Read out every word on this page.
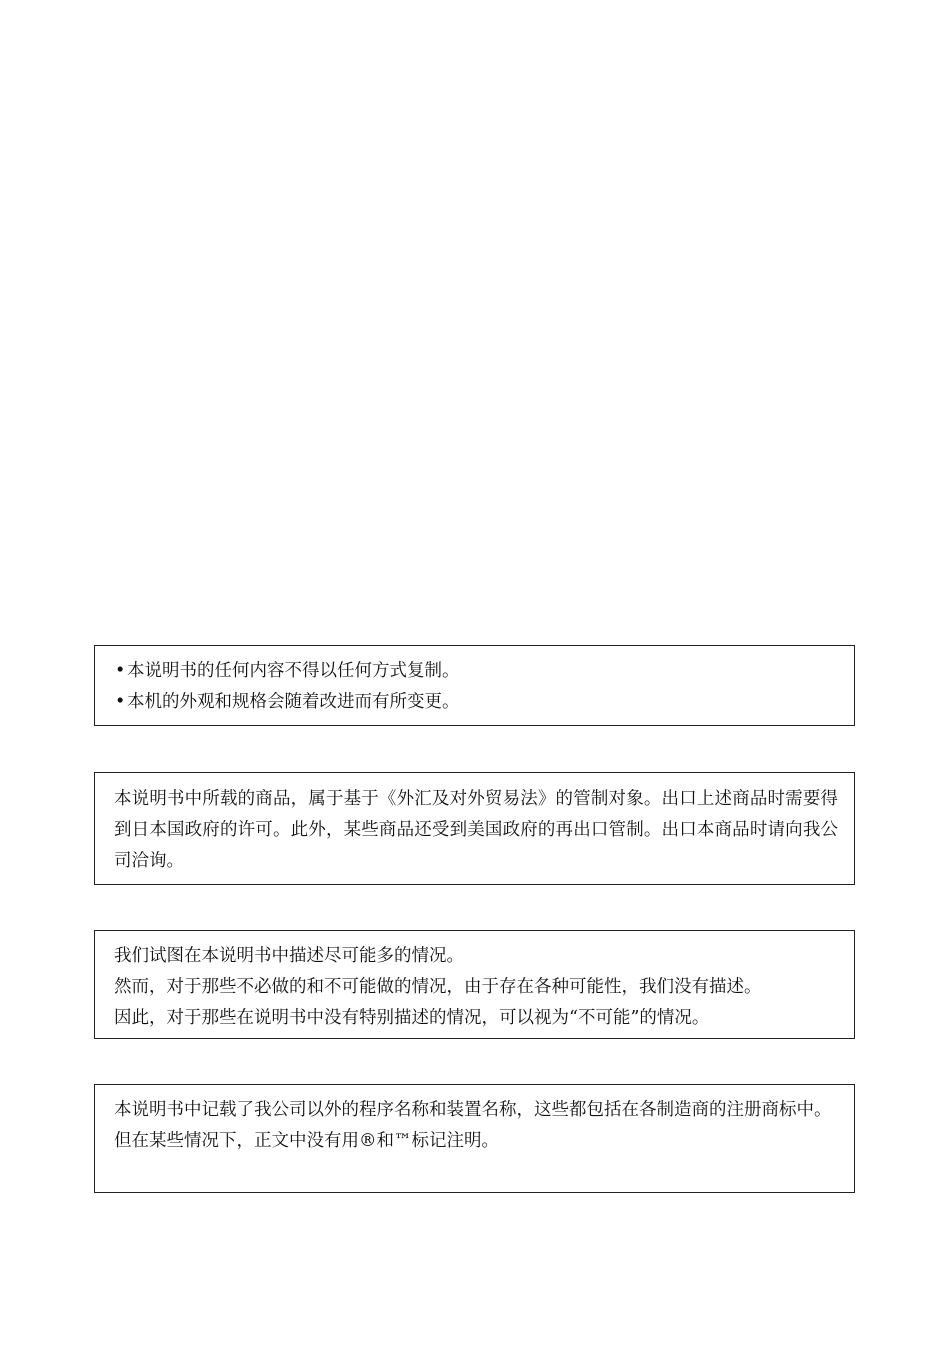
•本说明书的任何内容不得以任何方式复制。
•本机的外观和规格会随着改进而有所变更。

本说明书中所载的商品，属于基于《外汇及对外贸易法》的管制对象。出口上述商品时需要得到日本国政府的许可。此外，某些商品还受到美国政府的再出口管制。出口本商品时请向我公司洽询。

我们试图在本说明书中描述尽可能多的情况。

然而，对于那些不必做的和不可能做的情况，由于存在各种可能性，我们没有描述。

因此，对于那些在说明书中没有特别描述的情况，可以视为“不可能”的情况。

本说明书中记载了我公司以外的程序名称和装置名称，这些都包括在各制造商的注册商标中。

但在某些情况下，正文中没有用®和™标记注明。
